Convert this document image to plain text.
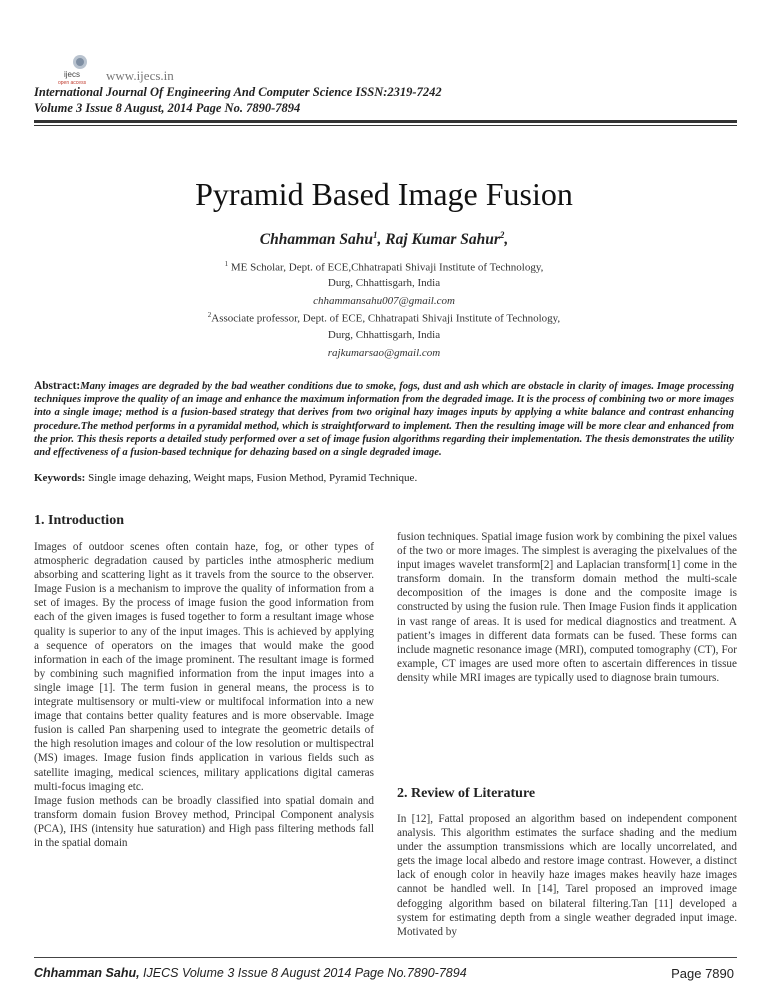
ijecs
open access www.ijecs.in
International Journal Of Engineering And Computer Science ISSN:2319-7242
Volume 3 Issue 8 August, 2014 Page No. 7890-7894
Pyramid Based Image Fusion
Chhamman Sahu$^1$, Raj Kumar Sahur$^2$,
$^1$ ME Scholar, Dept. of ECE,Chhatrapati Shivaji Institute of Technology,
Durg, Chhattisgarh, India
chhammansahu007@gmail.com
$^2$Associate professor, Dept. of ECE, Chhatrapati Shivaji Institute of Technology,
Durg, Chhattisgarh, India
rajkumarsao@gmail.com
Abstract:Many images are degraded by the bad weather conditions due to smoke, fogs, dust and ash which are obstacle in clarity of images. Image processing techniques improve the quality of an image and enhance the maximum information from the degraded image. It is the process of combining two or more images into a single image; method is a fusion-based strategy that derives from two original hazy images inputs by applying a white balance and contrast enhancing procedure.The method performs in a pyramidal method, which is straightforward to implement. Then the resulting image will be more clear and enhanced from the prior. This thesis reports a detailed study performed over a set of image fusion algorithms regarding their implementation. The thesis demonstrates the utility and effectiveness of a fusion-based technique for dehazing based on a single degraded image.
Keywords: Single image dehazing, Weight maps, Fusion Method, Pyramid Technique.
1. Introduction

Images of outdoor scenes often contain haze, fog, or other types of atmospheric degradation caused by particles inthe atmospheric medium absorbing and scattering light as it travels from the source to the observer. Image Fusion is a mechanism to improve the quality of information from a set of images. By the process of image fusion the good information from each of the given images is fused together to form a resultant image whose quality is superior to any of the input images. This is achieved by applying a sequence of operators on the images that would make the good information in each of the image prominent. The resultant image is formed by combining such magnified information from the input images into a single image [1]. The term fusion in general means, the process is to integrate multisensory or multi-view or multifocal information into a new image that contains better quality features and is more observable. Image fusion is called Pan sharpening used to integrate the geometric details of the high resolution images and colour of the low resolution or multispectral (MS) images. Image fusion finds application in various fields such as satellite imaging, medical sciences, military applications digital cameras multi-focus imaging etc.

Image fusion methods can be broadly classified into spatial domain and transform domain fusion Brovey method, Principal Component analysis (PCA), IHS (intensity hue saturation) and High pass filtering methods fall in the spatial domain

fusion techniques. Spatial image fusion work by combining the pixel values of the two or more images. The simplest is averaging the pixelvalues of the input images wavelet transform[2] and Laplacian transform[1] come in the transform domain. In the transform domain method the multi-scale decomposition of the images is done and the composite image is constructed by using the fusion rule. Then Image Fusion finds it application in vast range of areas. It is used for medical diagnostics and treatment. A patient’s images in different data formats can be fused. These forms can include magnetic resonance image (MRI), computed tomography (CT), For example, CT images are used more often to ascertain differences in tissue density while MRI images are typically used to diagnose brain tumours.

2. Review of Literature

In [12], Fattal proposed an algorithm based on independent component analysis. This algorithm estimates the surface shading and the medium under the assumption transmissions which are locally uncorrelated, and gets the image local albedo and restore image contrast. However, a distinct lack of enough color in heavily haze images makes heavily haze images cannot be handled well. In [14], Tarel proposed an improved image defogging algorithm based on bilateral filtering.Tan [11] developed a system for estimating depth from a single weather degraded input image. Motivated by

Chhamman Sahu, IJECS Volume 3 Issue 8 August 2014 Page No.7890-7894	Page 7890
